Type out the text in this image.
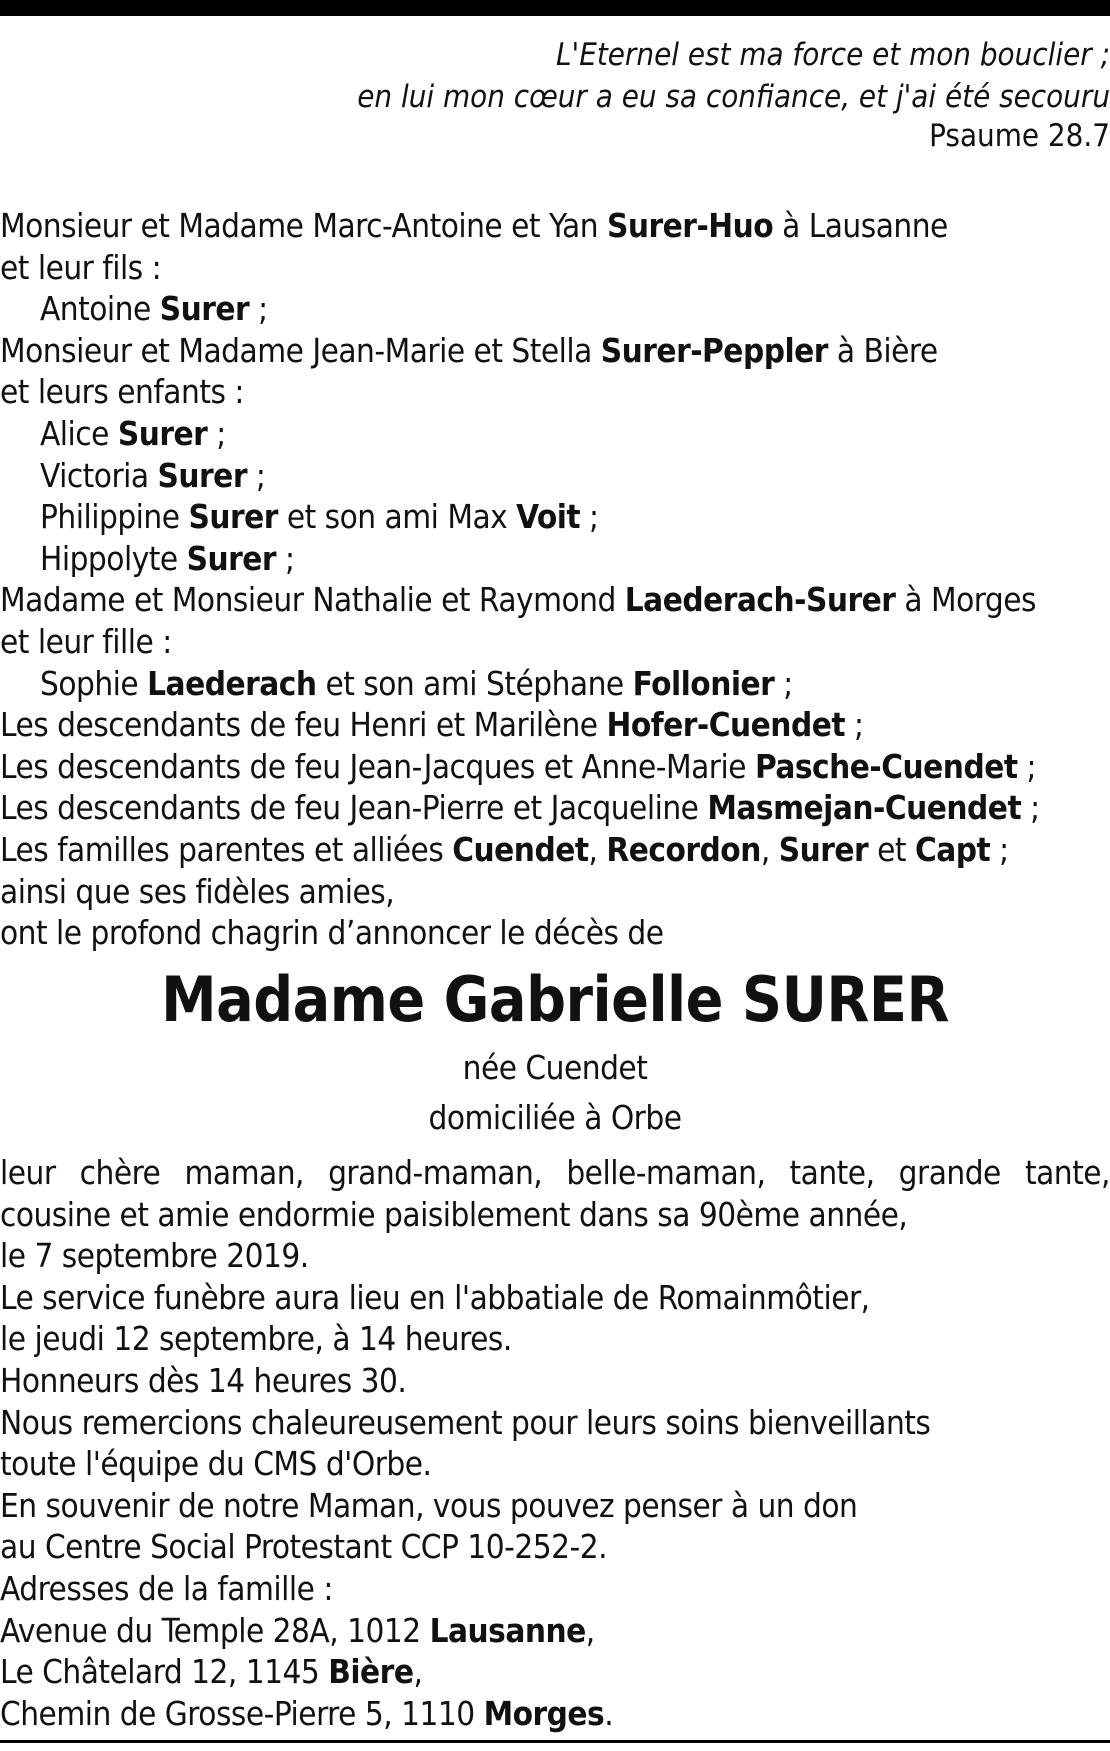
L'Eternel est ma force et mon bouclier ;
en lui mon cœur a eu sa confiance, et j'ai été secouru
Psaume 28.7
Monsieur et Madame Marc-Antoine et Yan Surer-Huo à Lausanne
et leur fils :
Antoine Surer ;
Monsieur et Madame Jean-Marie et Stella Surer-Peppler à Bière
et leurs enfants :
Alice Surer ;
Victoria Surer ;
Philippine Surer et son ami Max Voit ;
Hippolyte Surer ;
Madame et Monsieur Nathalie et Raymond Laederach-Surer à Morges
et leur fille :
Sophie Laederach et son ami Stéphane Follonier ;
Les descendants de feu Henri et Marilène Hofer-Cuendet ;
Les descendants de feu Jean-Jacques et Anne-Marie Pasche-Cuendet ;
Les descendants de feu Jean-Pierre et Jacqueline Masmejan-Cuendet ;
Les familles parentes et alliées Cuendet, Recordon, Surer et Capt ;
ainsi que ses fidèles amies,
ont le profond chagrin d’annoncer le décès de
Madame Gabrielle SURER
née Cuendet
domiciliée à Orbe
leur chère maman, grand-maman, belle-maman, tante, grande tante,
cousine et amie endormie paisiblement dans sa 90ème année,
le 7 septembre 2019.
Le service funèbre aura lieu en l'abbatiale de Romainmôtier,
le jeudi 12 septembre, à 14 heures.
Honneurs dès 14 heures 30.
Nous remercions chaleureusement pour leurs soins bienveillants
toute l'équipe du CMS d'Orbe.
En souvenir de notre Maman, vous pouvez penser à un don
au Centre Social Protestant CCP 10-252-2.
Adresses de la famille :
Avenue du Temple 28A, 1012 Lausanne,
Le Châtelard 12, 1145 Bière,
Chemin de Grosse-Pierre 5, 1110 Morges.
